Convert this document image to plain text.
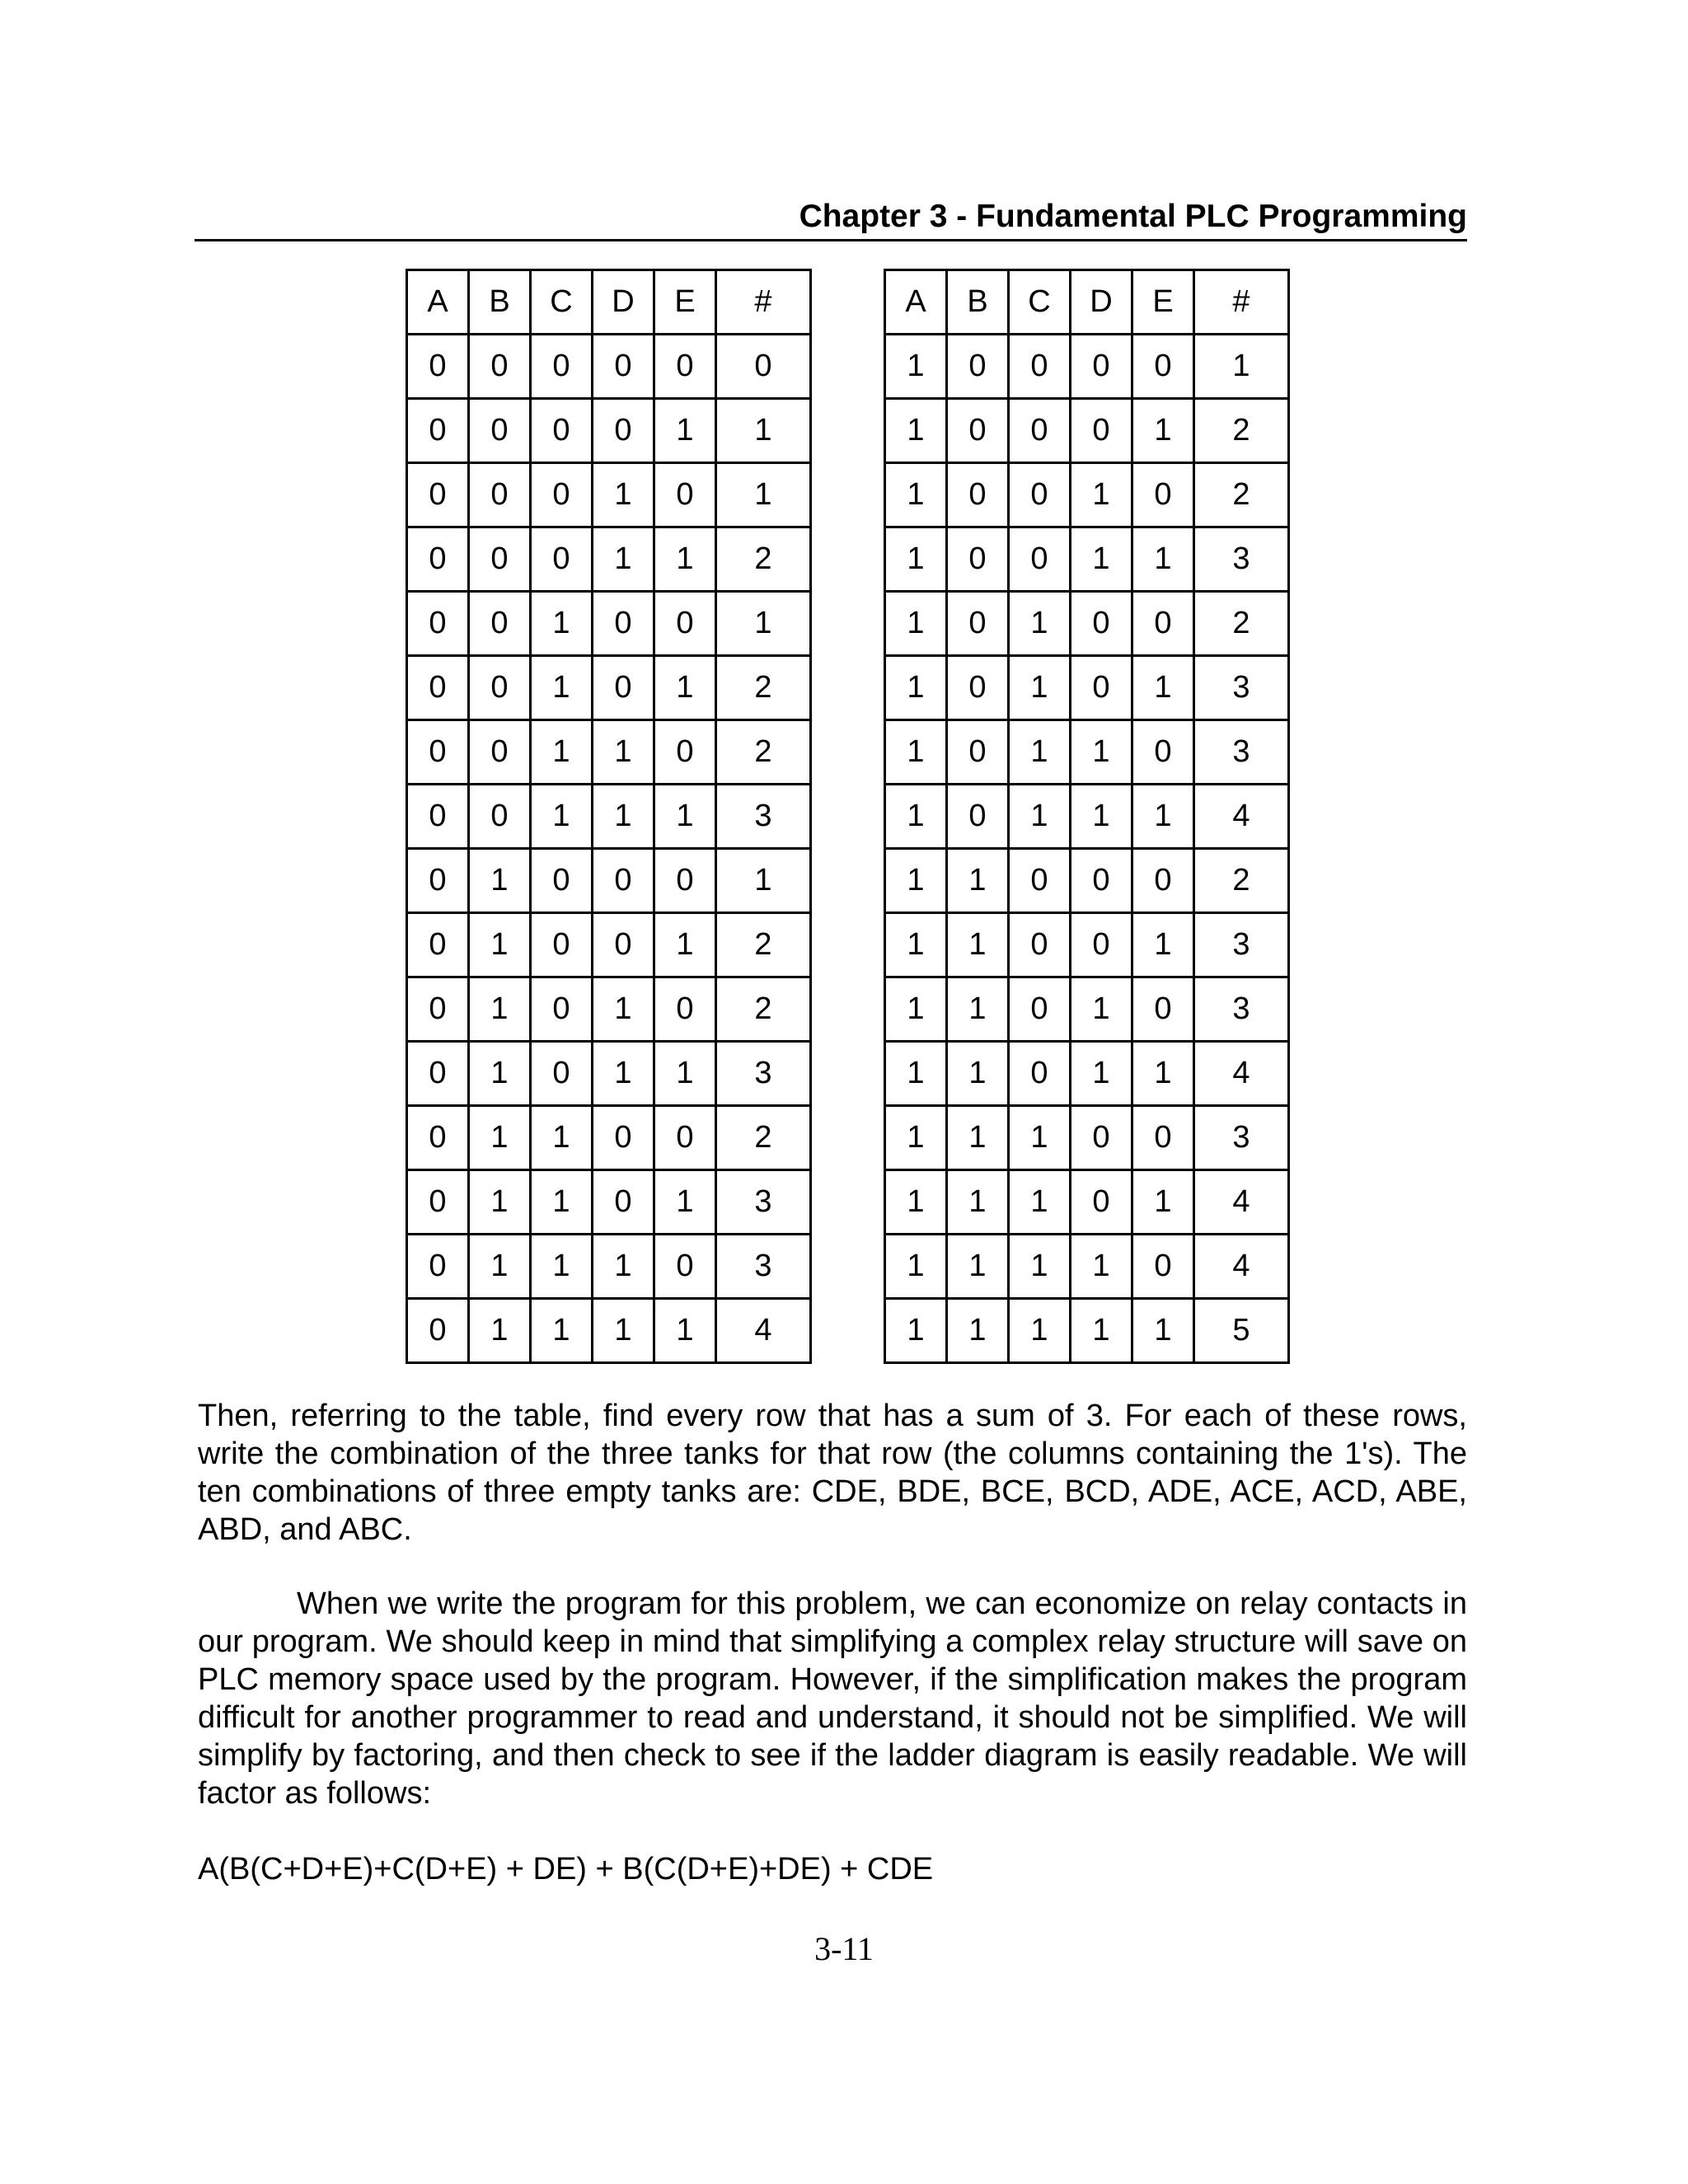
Chapter 3 - Fundamental PLC Programming
A	B	C	D	E	#
0	0	0	0	0	0
0	0	0	0	1	1
0	0	0	1	0	1
0	0	0	1	1	2
0	0	1	0	0	1
0	0	1	0	1	2
0	0	1	1	0	2
0	0	1	1	1	3
0	1	0	0	0	1
0	1	0	0	1	2
0	1	0	1	0	2
0	1	0	1	1	3
0	1	1	0	0	2
0	1	1	0	1	3
0	1	1	1	0	3
0	1	1	1	1	4
A	B	C	D	E	#
1	0	0	0	0	1
1	0	0	0	1	2
1	0	0	1	0	2
1	0	0	1	1	3
1	0	1	0	0	2
1	0	1	0	1	3
1	0	1	1	0	3
1	0	1	1	1	4
1	1	0	0	0	2
1	1	0	0	1	3
1	1	0	1	0	3
1	1	0	1	1	4
1	1	1	0	0	3
1	1	1	0	1	4
1	1	1	1	0	4
1	1	1	1	1	5
Then, referring to the table, find every row that has a sum of 3. For each of these rows, write the combination of the three tanks for that row (the columns containing the 1's). The ten combinations of three empty tanks are: CDE, BDE, BCE, BCD, ADE, ACE, ACD, ABE, ABD, and ABC.
When we write the program for this problem, we can economize on relay contacts in our program. We should keep in mind that simplifying a complex relay structure will save on PLC memory space used by the program. However, if the simplification makes the program difficult for another programmer to read and understand, it should not be simplified. We will simplify by factoring, and then check to see if the ladder diagram is easily readable. We will factor as follows:
A(B(C+D+E)+C(D+E) + DE) + B(C(D+E)+DE) + CDE
3-11
